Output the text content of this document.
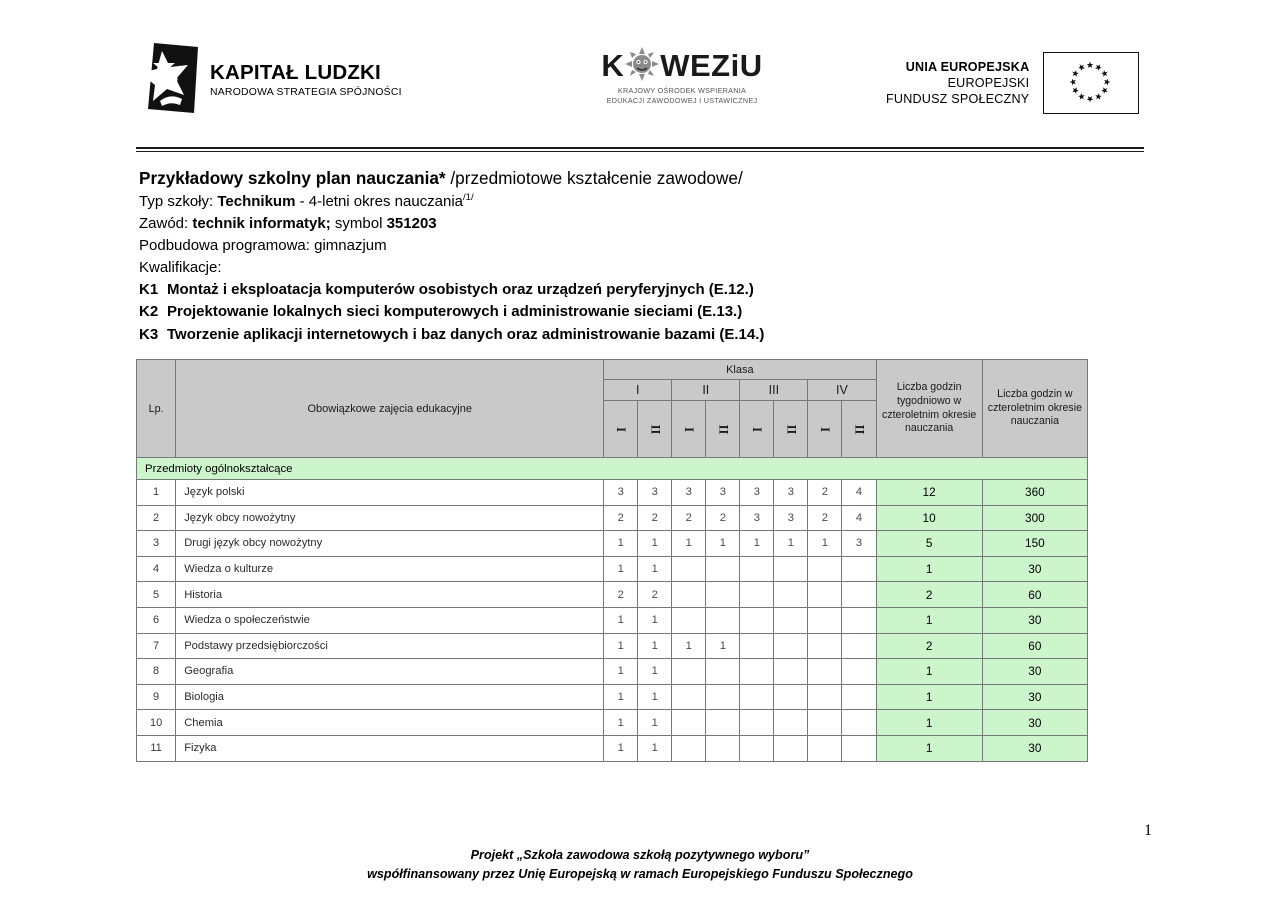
KAPITAŁ LUDZKI
NARODOWA STRATEGIA SPÓJNOŚCI
K WEZiU
KRAJOWY OŚRODEK WSPIERANIA
EDUKACJI ZAWODOWEJ I USTAWICZNEJ
UNIA EUROPEJSKA
EUROPEJSKI
FUNDUSZ SPOŁECZNY
Przykładowy szkolny plan nauczania* /przedmiotowe kształcenie zawodowe/
Typ szkoły: Technikum - 4-letni okres nauczania$^{/1/}$
Zawód: technik informatyk; symbol 351203
Podbudowa programowa: gimnazjum
Kwalifikacje:
K1 Montaż i eksploatacja komputerów osobistych oraz urządzeń peryferyjnych (E.12.)
K2 Projektowanie lokalnych sieci komputerowych i administrowanie sieciami (E.13.)
K3 Tworzenie aplikacji internetowych i baz danych oraz administrowanie bazami (E.14.)
Lp.	Obowiązkowe zajęcia edukacyjne	Klasa								Liczba godzin tygodniowo w czteroletnim okresie nauczania	Liczba godzin w czteroletnim okresie nauczania
		I		II		III		IV			
		I	II	I	II	I	II	I	II		
Przedmioty ogólnokształcące											
1	Język polski	3	3	3	3	3	3	2	4	12	360
2	Język obcy nowożytny	2	2	2	2	3	3	2	4	10	300
3	Drugi język obcy nowożytny	1	1	1	1	1	1	1	3	5	150
4	Wiedza o kulturze	1	1							1	30
5	Historia	2	2							2	60
6	Wiedza o społeczeństwie	1	1							1	30
7	Podstawy przedsiębiorczości	1	1	1	1					2	60
8	Geografia	1	1							1	30
9	Biologia	1	1							1	30
10	Chemia	1	1							1	30
11	Fizyka	1	1							1	30
1
Projekt „Szkoła zawodowa szkołą pozytywnego wyboru”
współfinansowany przez Unię Europejską w ramach Europejskiego Funduszu Społecznego
